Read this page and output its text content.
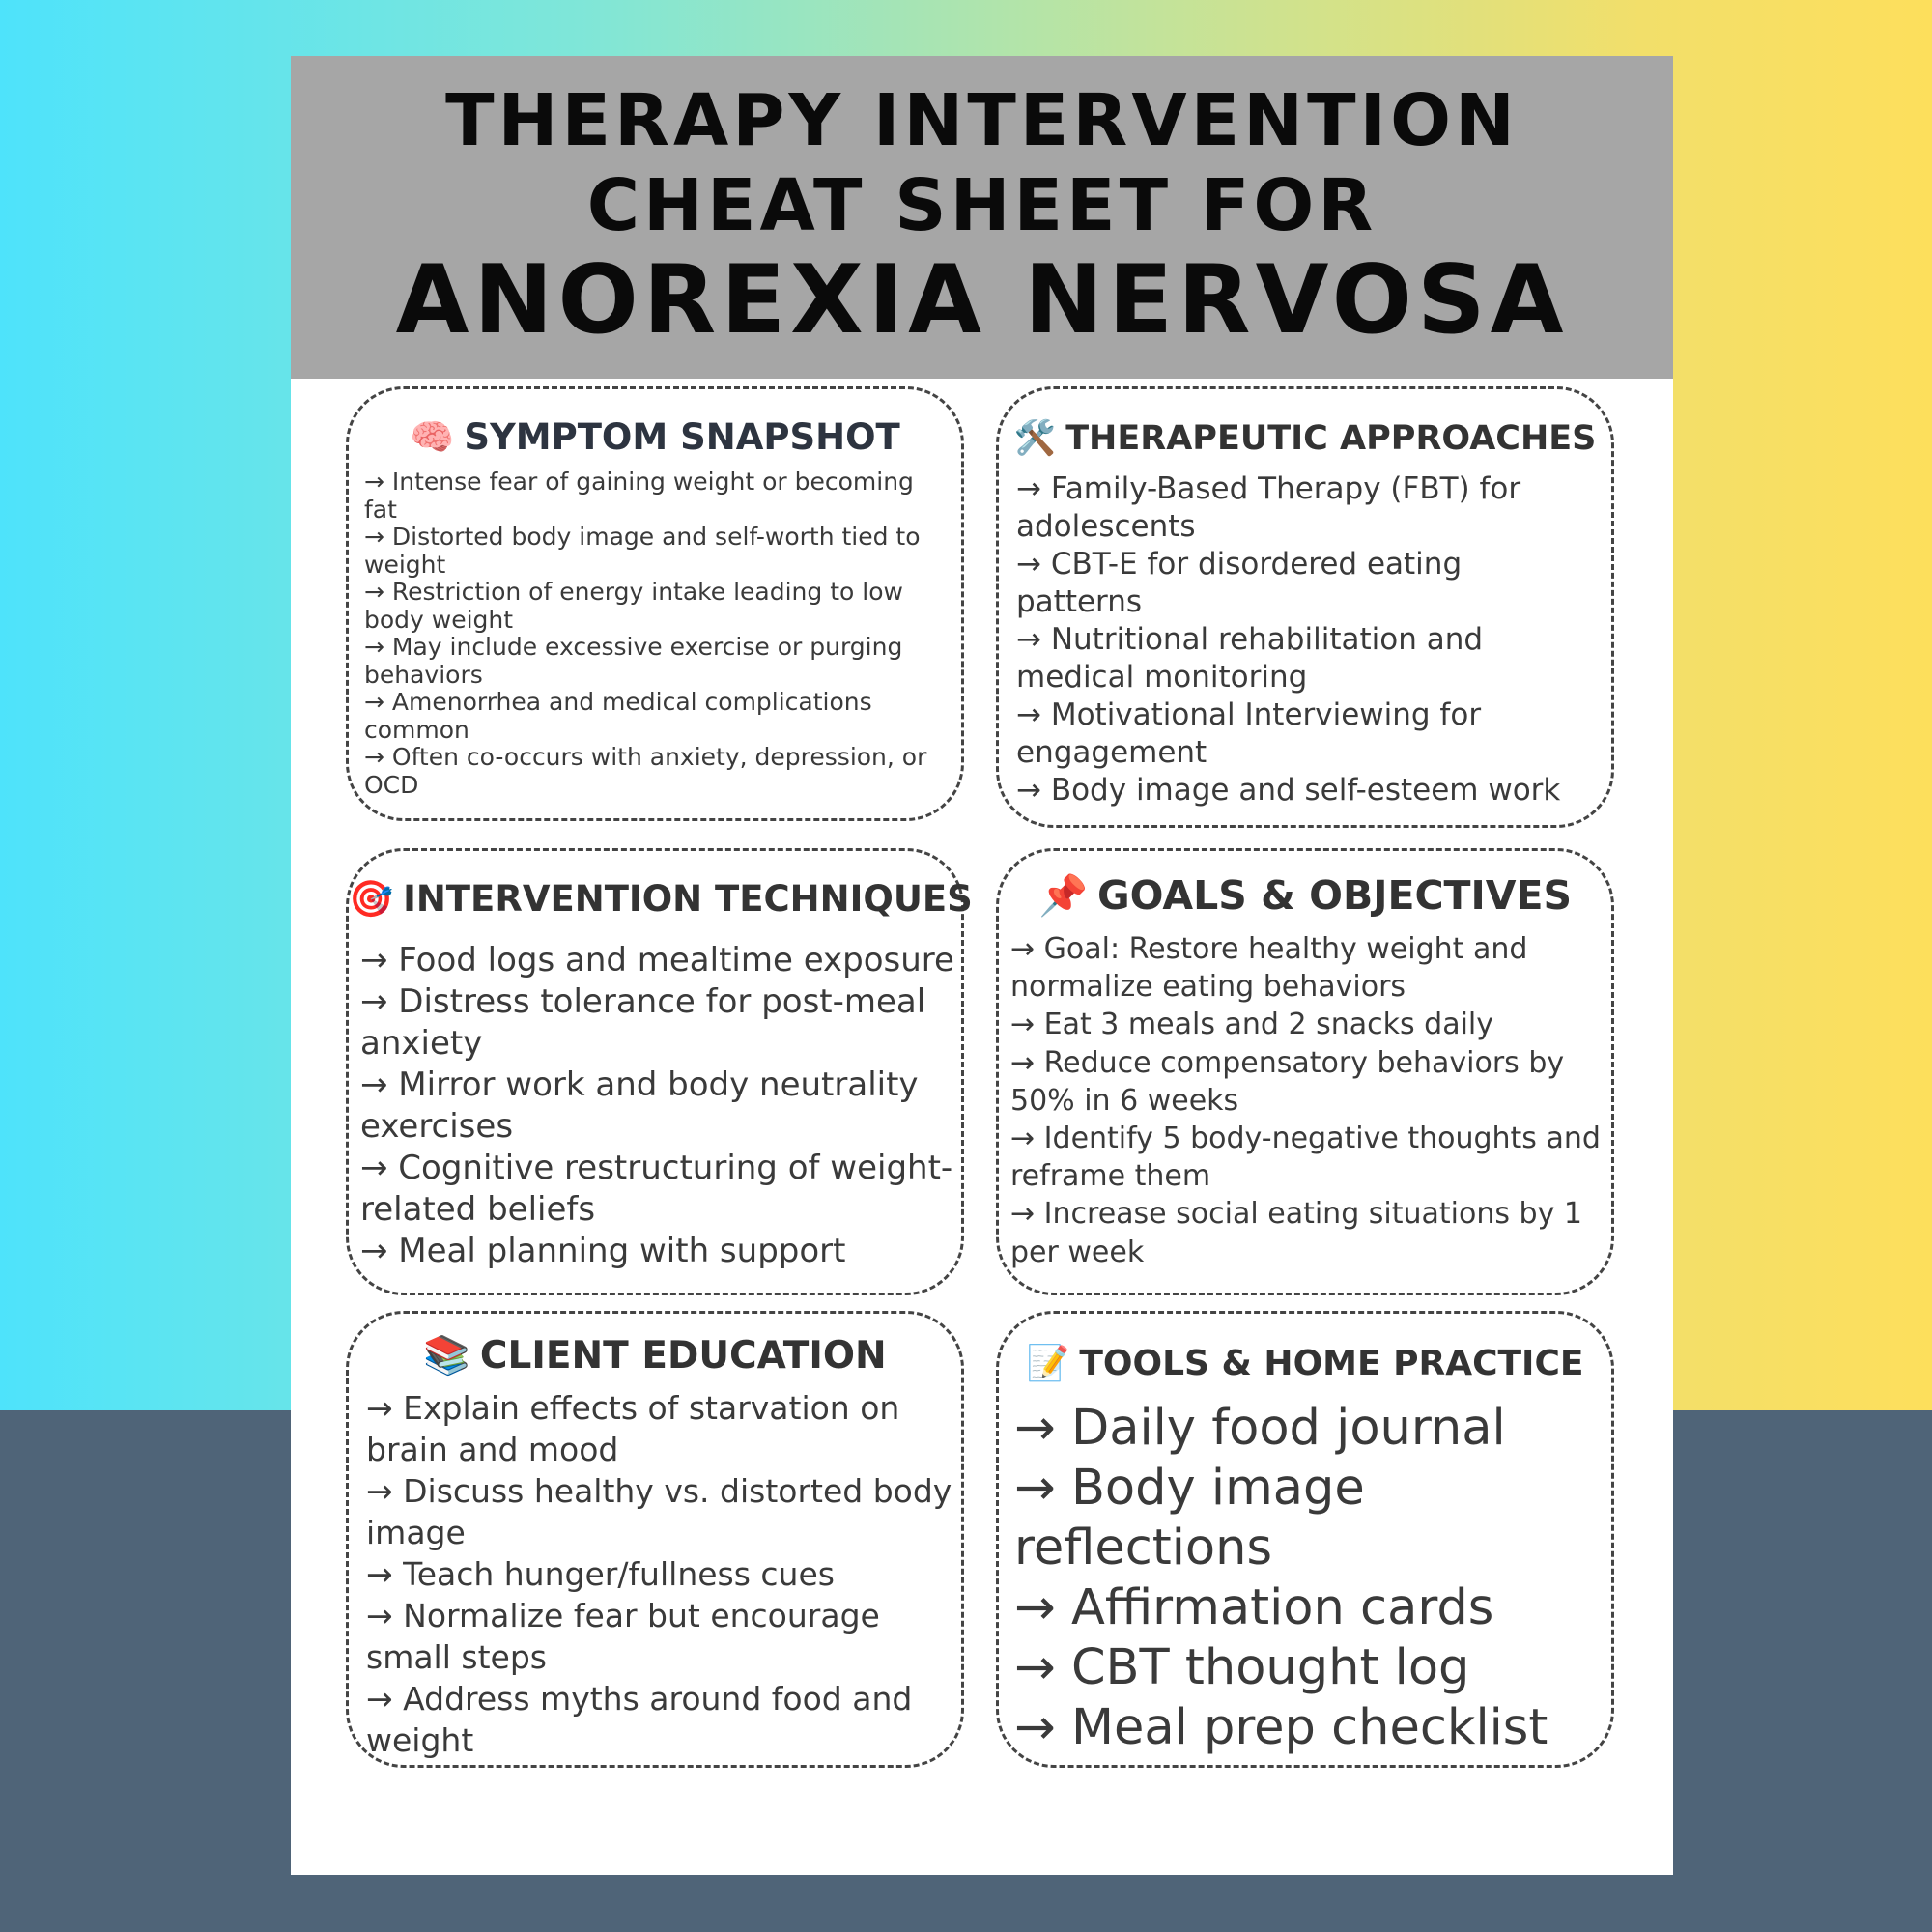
THERAPY INTERVENTION
CHEAT SHEET FOR
ANOREXIA NERVOSA
🧠 SYMPTOM SNAPSHOT
→ Intense fear of gaining weight or becoming fat
→ Distorted body image and self-worth tied to weight
→ Restriction of energy intake leading to low body weight
→ May include excessive exercise or purging behaviors
→ Amenorrhea and medical complications common
→ Often co-occurs with anxiety, depression, or OCD
🛠️ THERAPEUTIC APPROACHES
→ Family-Based Therapy (FBT) for adolescents
→ CBT-E for disordered eating patterns
→ Nutritional rehabilitation and medical monitoring
→ Motivational Interviewing for engagement
→ Body image and self-esteem work
🎯 INTERVENTION TECHNIQUES
→ Food logs and mealtime exposure
→ Distress tolerance for post-meal anxiety
→ Mirror work and body neutrality exercises
→ Cognitive restructuring of weight-related beliefs
→ Meal planning with support
📌 GOALS & OBJECTIVES
→ Goal: Restore healthy weight and normalize eating behaviors
→ Eat 3 meals and 2 snacks daily
→ Reduce compensatory behaviors by 50% in 6 weeks
→ Identify 5 body-negative thoughts and reframe them
→ Increase social eating situations by 1 per week
📚 CLIENT EDUCATION
→ Explain effects of starvation on brain and mood
→ Discuss healthy vs. distorted body image
→ Teach hunger/fullness cues
→ Normalize fear but encourage small steps
→ Address myths around food and weight
📝 TOOLS & HOME PRACTICE
→ Daily food journal
→ Body image reflections
→ Affirmation cards
→ CBT thought log
→ Meal prep checklist
